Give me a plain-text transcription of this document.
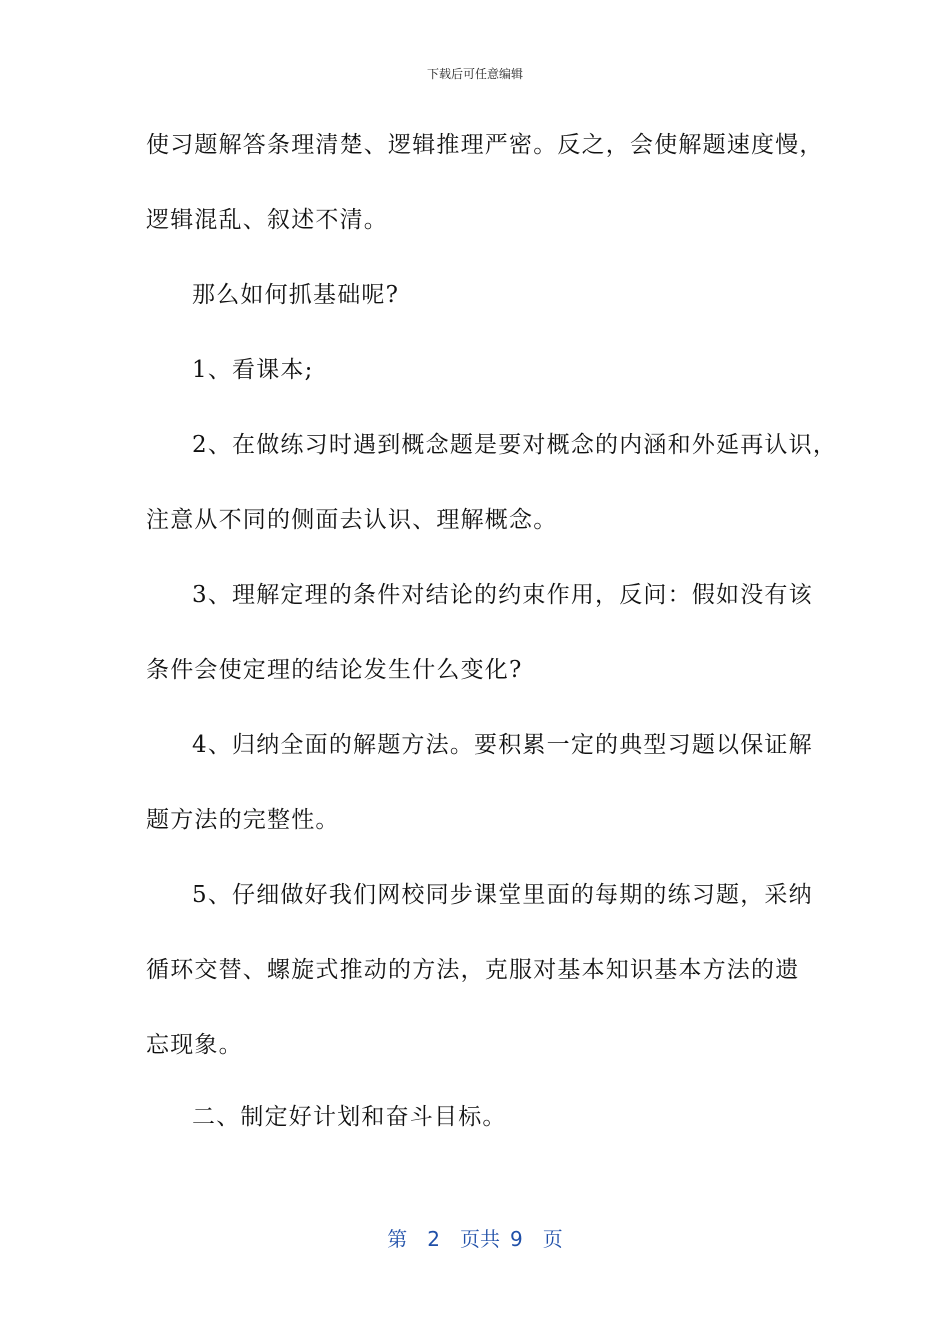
下载后可任意编辑
使习题解答条理清楚、逻辑推理严密。反之，会使解题速度慢，
逻辑混乱、叙述不清。
那么如何抓基础呢?
1、看课本;
2、在做练习时遇到概念题是要对概念的内涵和外延再认识，
注意从不同的侧面去认识、理解概念。
3、理解定理的条件对结论的约束作用，反问：假如没有该
条件会使定理的结论发生什么变化?
4、归纳全面的解题方法。要积累一定的典型习题以保证解
题方法的完整性。
5、仔细做好我们网校同步课堂里面的每期的练习题，采纳
循环交替、螺旋式推动的方法，克服对基本知识基本方法的遗
忘现象。
二、制定好计划和奋斗目标。
第 2 页共 9 页
